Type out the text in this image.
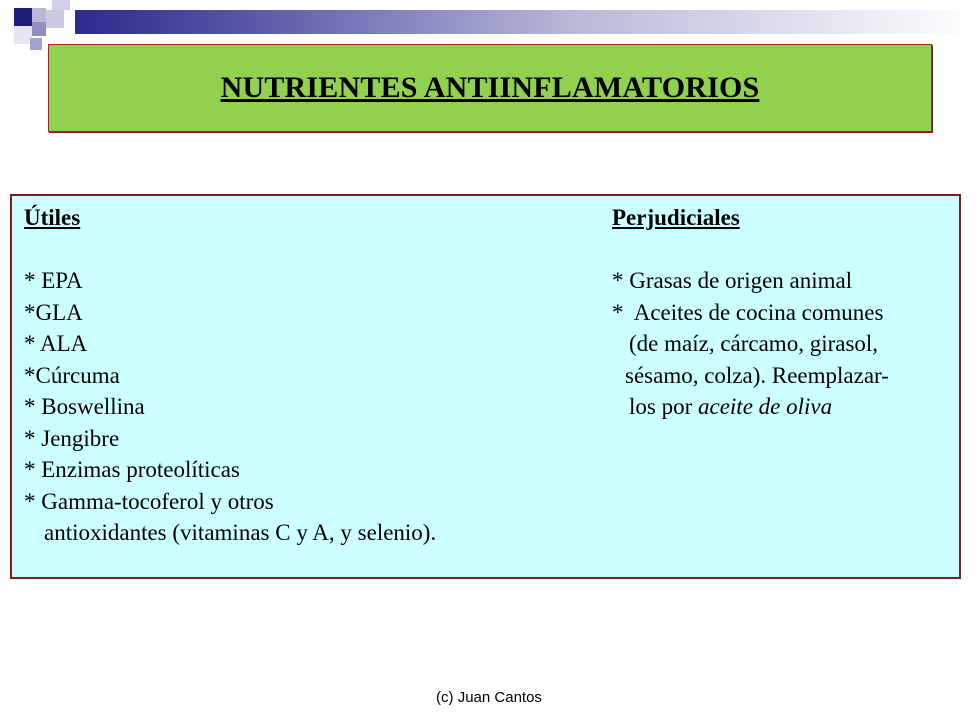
NUTRIENTES ANTIINFLAMATORIOS
Útiles
* EPA
*GLA
* ALA
*Cúrcuma
* Boswellina
* Jengibre
* Enzimas proteolíticas
* Gamma-tocoferol y otros
antioxidantes (vitaminas C y A, y selenio).
Perjudiciales
* Grasas de origen animal
*  Aceites de cocina comunes
(de maíz, cárcamo, girasol,
sésamo, colza). Reemplazar-
los por aceite de oliva
(c) Juan Cantos
